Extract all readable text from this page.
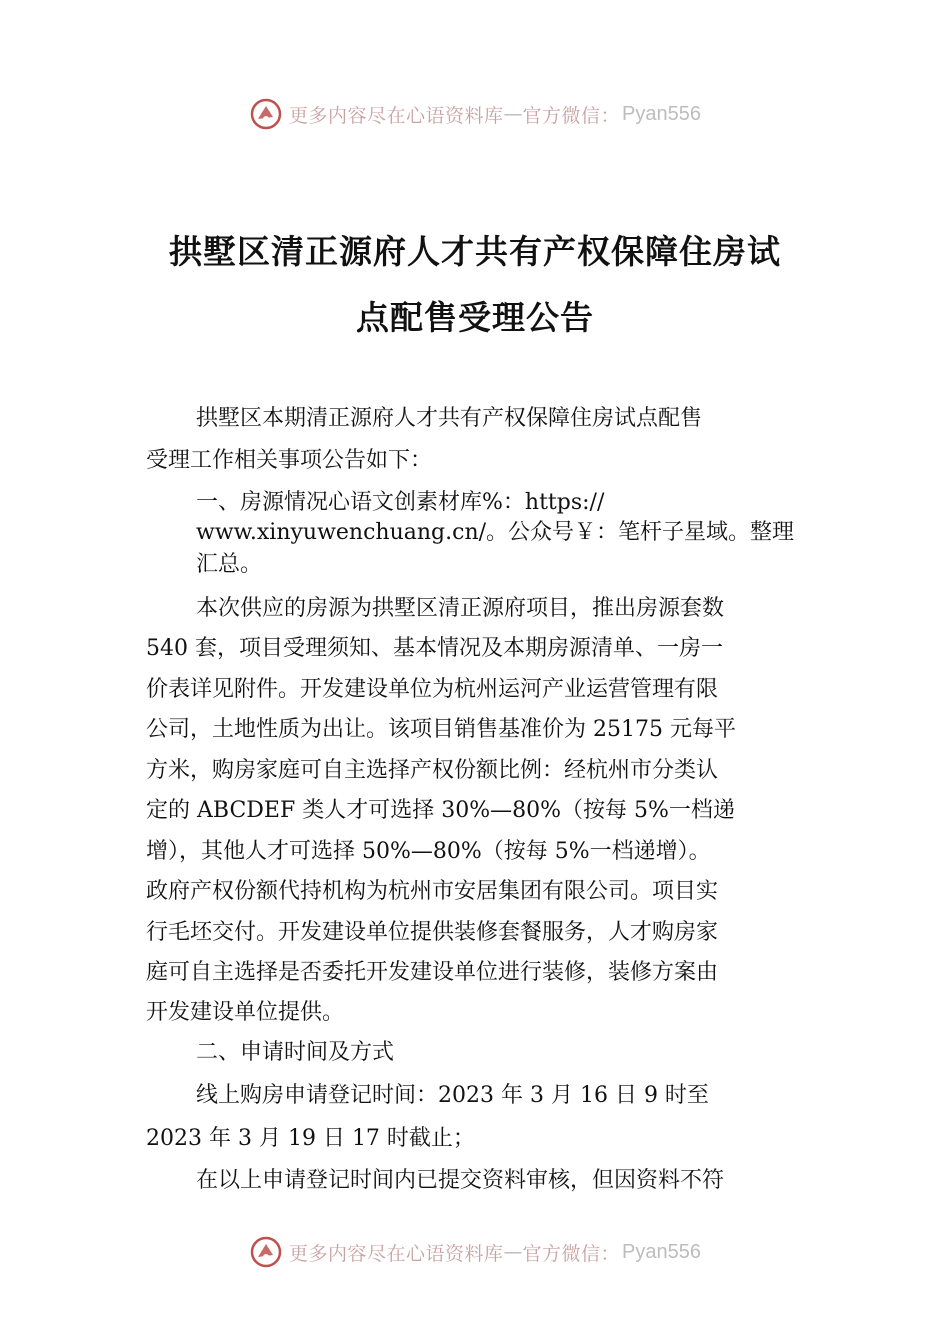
更多内容尽在心语资料库 — 官方微信： Pyan556
拱墅区清正源府人才共有产权保障住房试
点配售受理公告
拱墅区本期清正源府人才共有产权保障住房试点配售
受理工作相关事项公告如下：
一、房源情况心语文创素材库%：https://
www.xinyuwenchuang.cn/。公众号￥：笔杆子星域。整理
汇总。
本次供应的房源为拱墅区清正源府项目，推出房源套数
540 套，项目受理须知、基本情况及本期房源清单、一房一
价表详见附件。开发建设单位为杭州运河产业运营管理有限
公司，土地性质为出让。该项目销售基准价为 25175 元每平
方米，购房家庭可自主选择产权份额比例：经杭州市分类认
定的 ABCDEF 类人才可选择 30%—80%（按每 5%一档递
增），其他人才可选择 50%—80%（按每 5%一档递增）。
政府产权份额代持机构为杭州市安居集团有限公司。项目实
行毛坯交付。开发建设单位提供装修套餐服务，人才购房家
庭可自主选择是否委托开发建设单位进行装修，装修方案由
开发建设单位提供。
二、申请时间及方式
线上购房申请登记时间：2023 年 3 月 16 日 9 时至
2023 年 3 月 19 日 17 时截止；
在以上申请登记时间内已提交资料审核，但因资料不符
更多内容尽在心语资料库 — 官方微信： Pyan556
